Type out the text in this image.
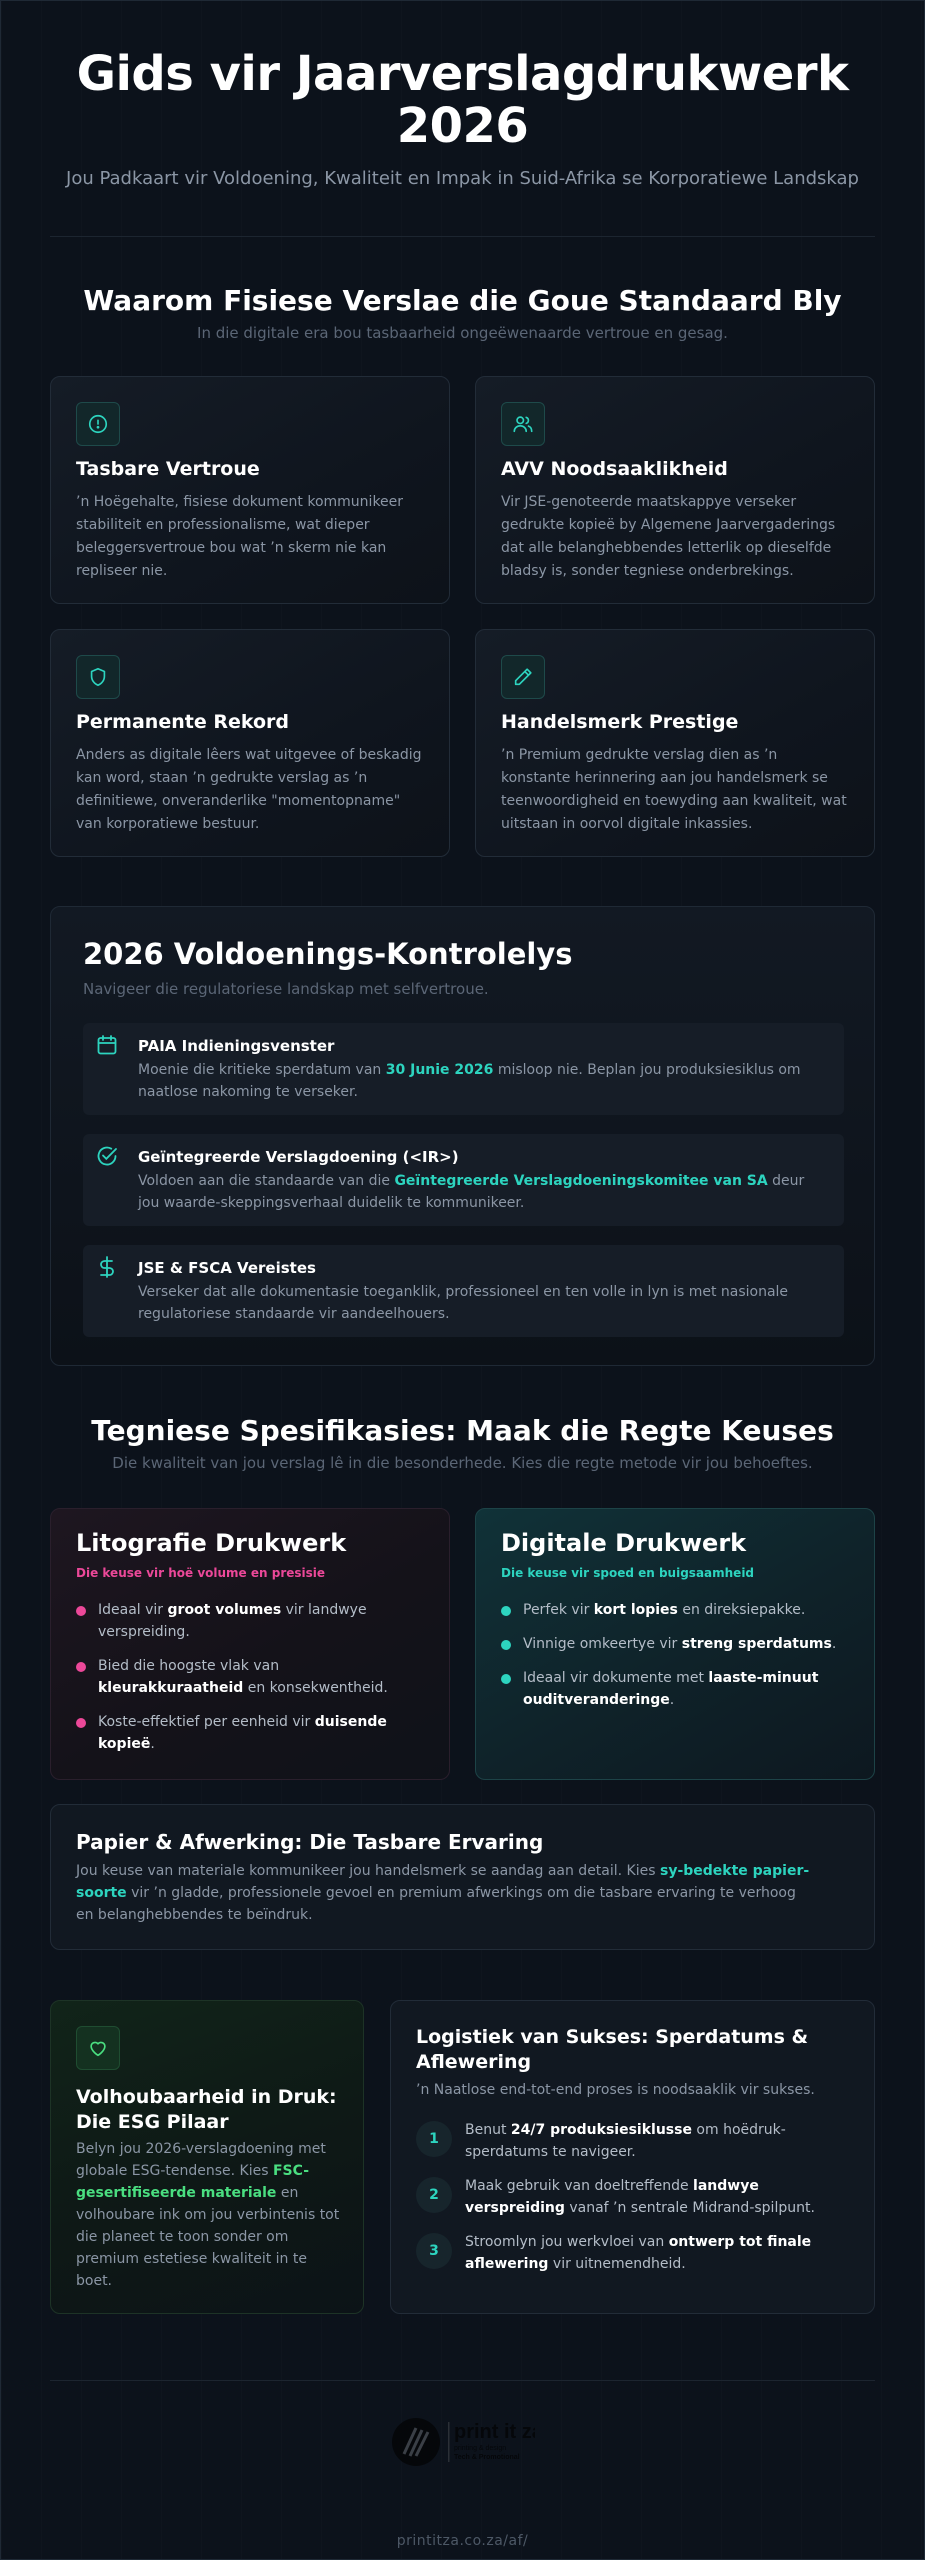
Gids vir Jaarverslagdrukwerk 2026

Jou Padkaart vir Voldoening, Kwaliteit en Impak in Suid-Afrika se Korporatiewe Landskap

Waarom Fisiese Verslae die Goue Standaard Bly

In die digitale era bou tasbaarheid ongeëwenaarde vertroue en gesag.

Tasbare Vertroue

’n Hoëgehalte, fisiese dokument kommunikeer stabiliteit en professionalisme, wat dieper beleggersvertroue bou wat ’n skerm nie kan repliseer nie.

AVV Noodsaaklikheid

Vir JSE-genoteerde maatskappye verseker gedrukte kopieë by Algemene Jaarvergaderings dat alle belanghebbendes letterlik op dieselfde bladsy is, sonder tegniese onderbrekings.

Permanente Rekord

Anders as digitale lêers wat uitgevee of beskadig kan word, staan ’n gedrukte verslag as ’n definitiewe, onveranderlike "momentopname" van korporatiewe bestuur.

Handelsmerk Prestige

’n Premium gedrukte verslag dien as ’n konstante herinnering aan jou handelsmerk se teenwoordigheid en toewyding aan kwaliteit, wat uitstaan in oorvol digitale inkassies.

2026 Voldoenings-Kontrolelys

Navigeer die regulatoriese landskap met selfvertroue.

PAIA Indieningsvenster
Moenie die kritieke sperdatum van 30 Junie 2026 misloop nie. Beplan jou produksiesiklus om naatlose nakoming te verseker.
Geïntegreerde Verslagdoening (<IR>)
Voldoen aan die standaarde van die Geïntegreerde Verslagdoeningskomitee van SA deur jou waarde-skeppingsverhaal duidelik te kommunikeer.
JSE & FSCA Vereistes
Verseker dat alle dokumentasie toeganklik, professioneel en ten volle in lyn is met nasionale regulatoriese standaarde vir aandeelhouers.
Tegniese Spesifikasies: Maak die Regte Keuses

Die kwaliteit van jou verslag lê in die besonderhede. Kies die regte metode vir jou behoeftes.

Litografie Drukwerk
Die keuse vir hoë volume en presisie
Ideaal vir groot volumes vir landwye verspreiding.
Bied die hoogste vlak van kleurakkuraatheid en konsekwentheid.
Koste-effektief per eenheid vir duisende kopieë.
Digitale Drukwerk
Die keuse vir spoed en buigsaamheid
Perfek vir kort lopies en direksiepakke.
Vinnige omkeertye vir streng sperdatums.
Ideaal vir dokumente met laaste-minuut ouditveranderinge.
Papier & Afwerking: Die Tasbare Ervaring

Jou keuse van materiale kommunikeer jou handelsmerk se aandag aan detail. Kies sy-bedekte papier-soorte vir ’n gladde, professionele gevoel en premium afwerkings om die tasbare ervaring te verhoog en belanghebbendes te beïndruk.

Volhoubaarheid in Druk: Die ESG Pilaar

Belyn jou 2026-verslagdoening met globale ESG-tendense. Kies FSC-gesertifiseerde materiale en volhoubare ink om jou verbintenis tot die planeet te toon sonder om premium estetiese kwaliteit in te boet.

Logistiek van Sukses: Sperdatums & Aflewering

’n Naatlose end-tot-end proses is noodsaaklik vir sukses.

1
Benut 24/7 produksiesiklusse om hoëdruk-sperdatums te navigeer.
2
Maak gebruik van doeltreffende landwye verspreiding vanaf ’n sentrale Midrand-spilpunt.
3
Stroomlyn jou werkvloei van ontwerp tot finale aflewering vir uitnemendheid.
print it za
printing & design
Tech & Promotional
printitza.co.za/af/
